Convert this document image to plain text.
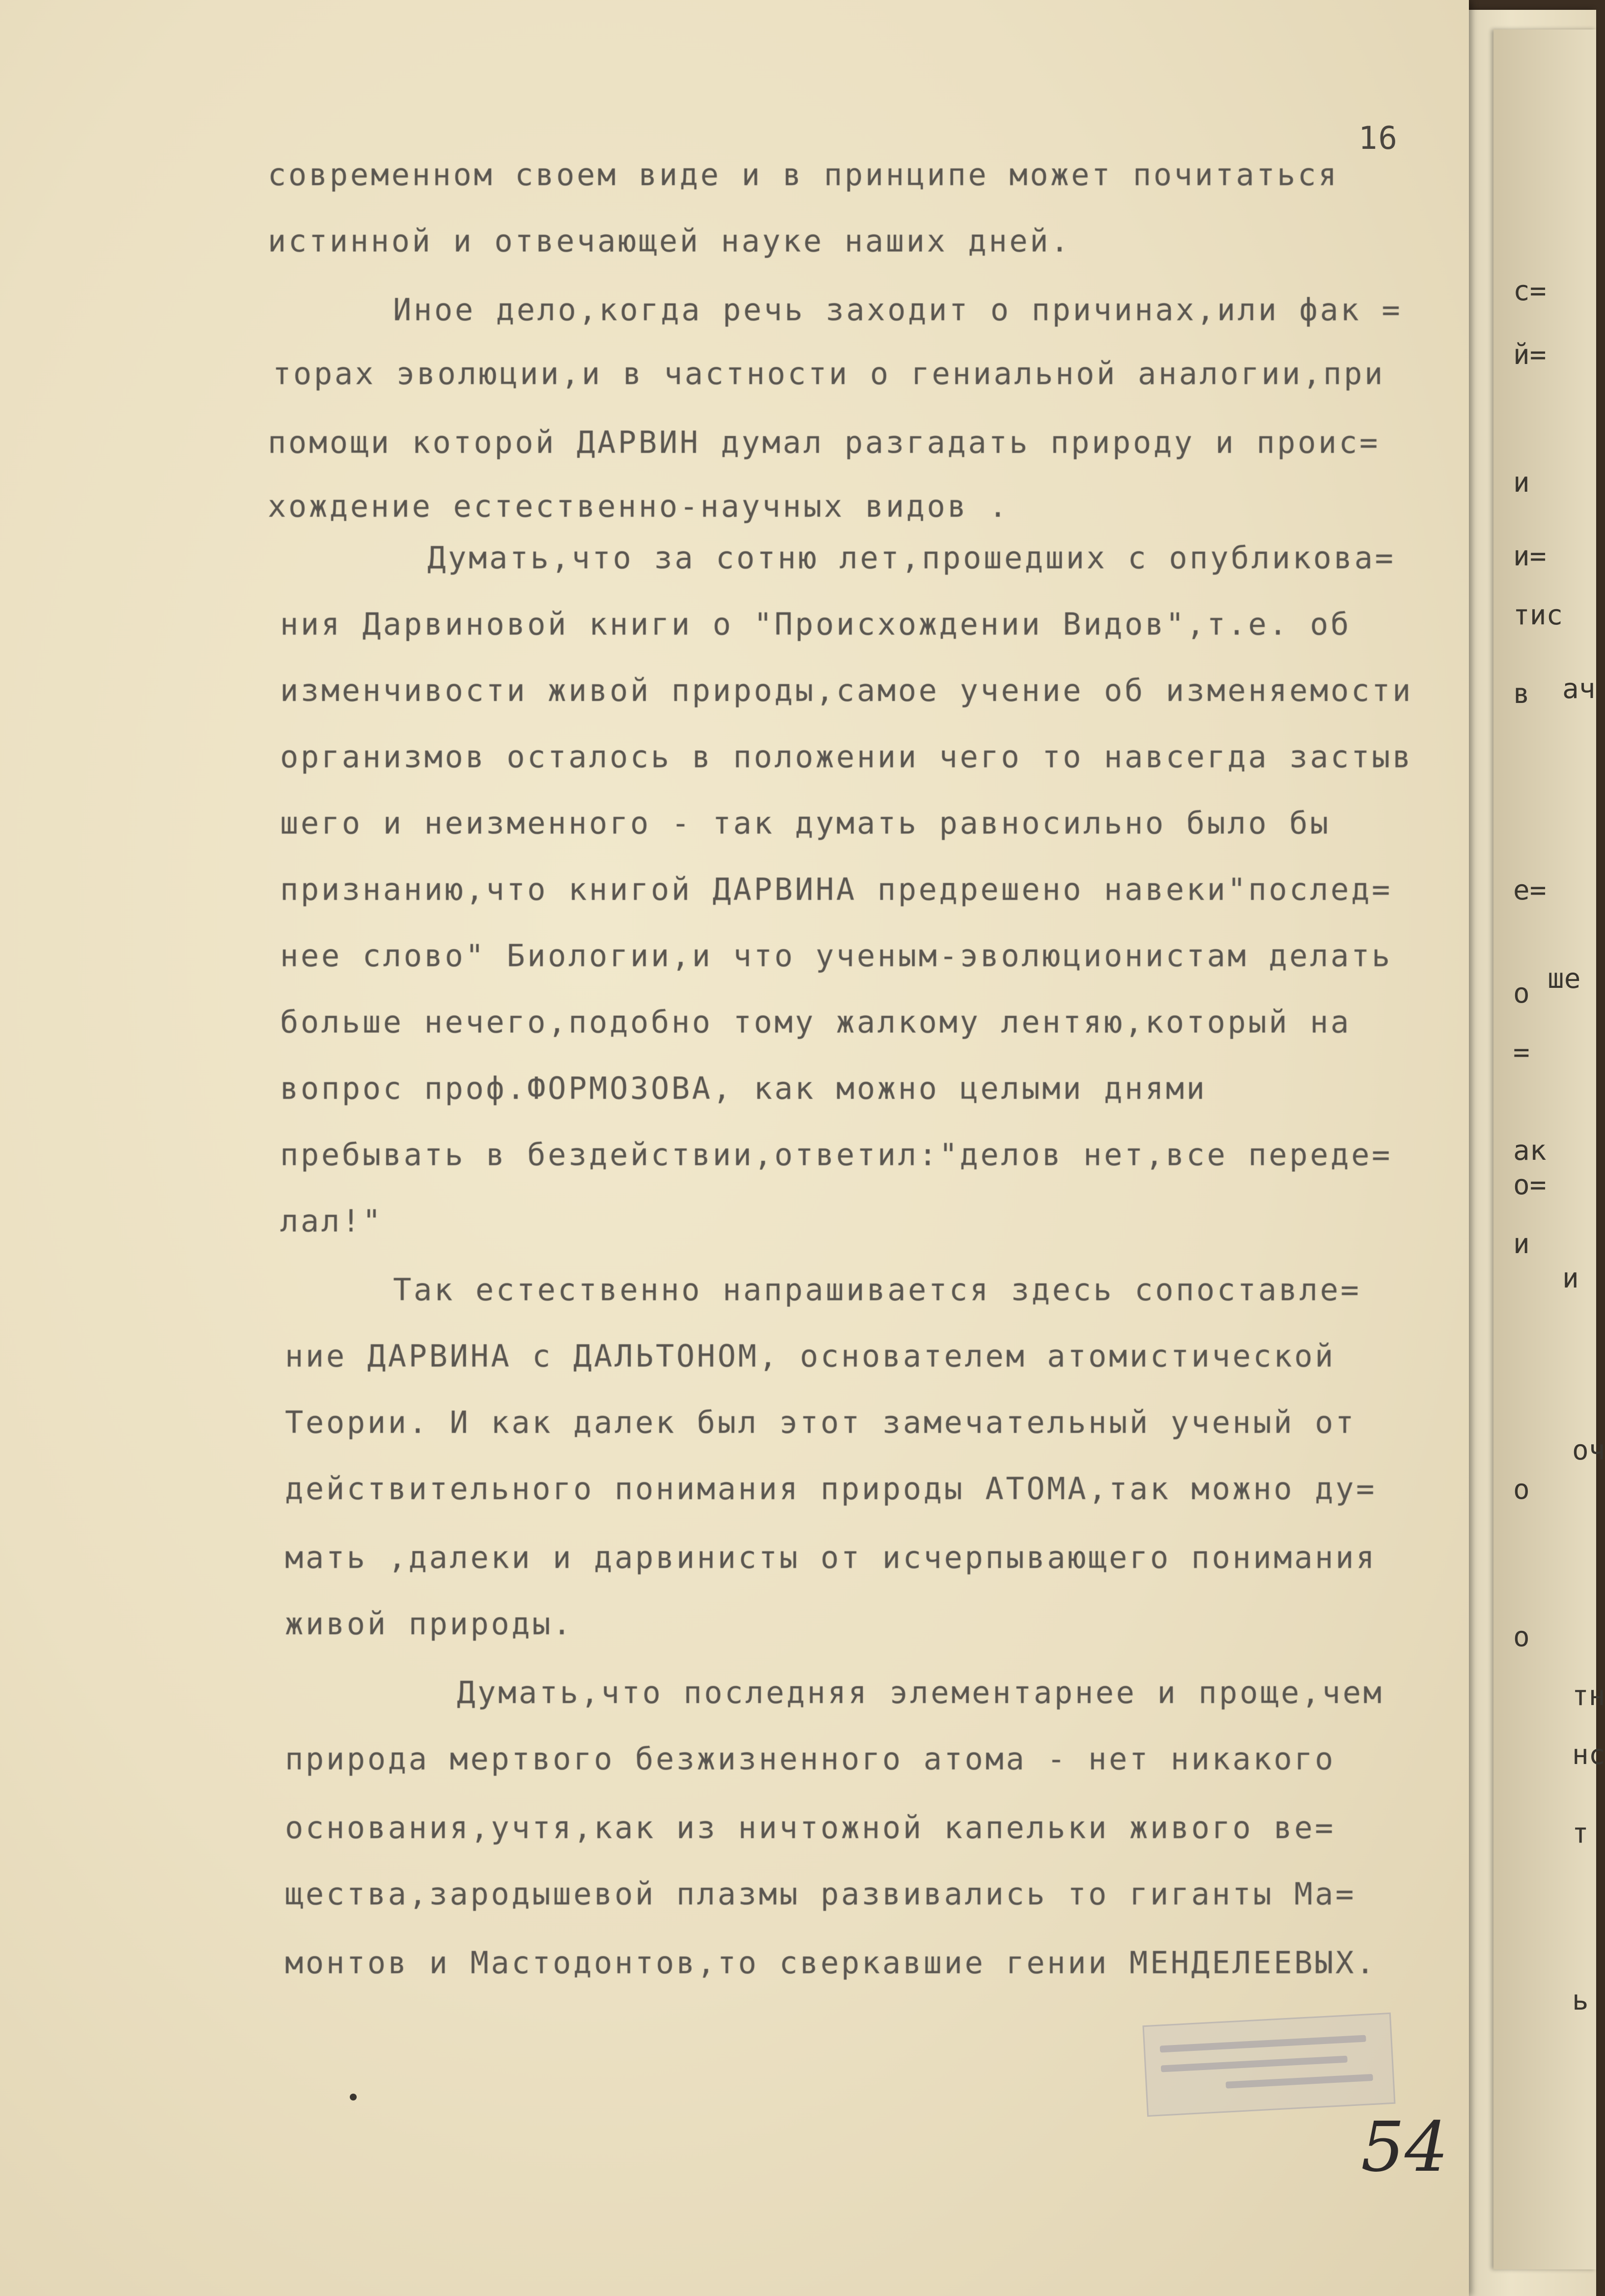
с=
й=
и
и=
тис
в ач
е=
о ше
=
ак
о=
и
и
о
оч
о
тн
нс
т
ь
16
современном своем виде и в принципе может почитаться
истинной и отвечающей науке наших дней.
Иное дело,когда речь заходит о причинах,или фак =
торах эволюции,и в частности о гениальной аналогии,при
помощи которой ДАРВИН думал разгадать природу и проис=
хождение естественно-научных видов .
Думать,что за сотню лет,прошедших с опубликова=
ния Дарвиновой книги о "Происхождении Видов",т.е. об
изменчивости живой природы,самое учение об изменяемости
организмов осталось в положении чего то навсегда застыв
шего и неизменного - так думать равносильно было бы
признанию,что книгой ДАРВИНА предрешено навеки"послед=
нее слово" Биологии,и что ученым-эволюционистам делать
больше нечего,подобно тому жалкому лентяю,который на
вопрос проф.ФОРМОЗОВА, как можно целыми днями
пребывать в бездействии,ответил:"делов нет,все переде=
лал!"
Так естественно напрашивается здесь сопоставле=
ние ДАРВИНА с ДАЛЬТОНОМ, основателем атомистической
Теории. И как далек был этот замечательный ученый от
действительного понимания природы АТОМА,так можно ду=
мать ,далеки и дарвинисты от исчерпывающего понимания
живой природы.
Думать,что последняя элементарнее и проще,чем
природа мертвого безжизненного атома - нет никакого
основания,учтя,как из ничтожной капельки живого ве=
щества,зародышевой плазмы развивались то гиганты Ма=
монтов и Мастодонтов,то сверкавшие гении МЕНДЕЛЕЕВЫХ.
54
